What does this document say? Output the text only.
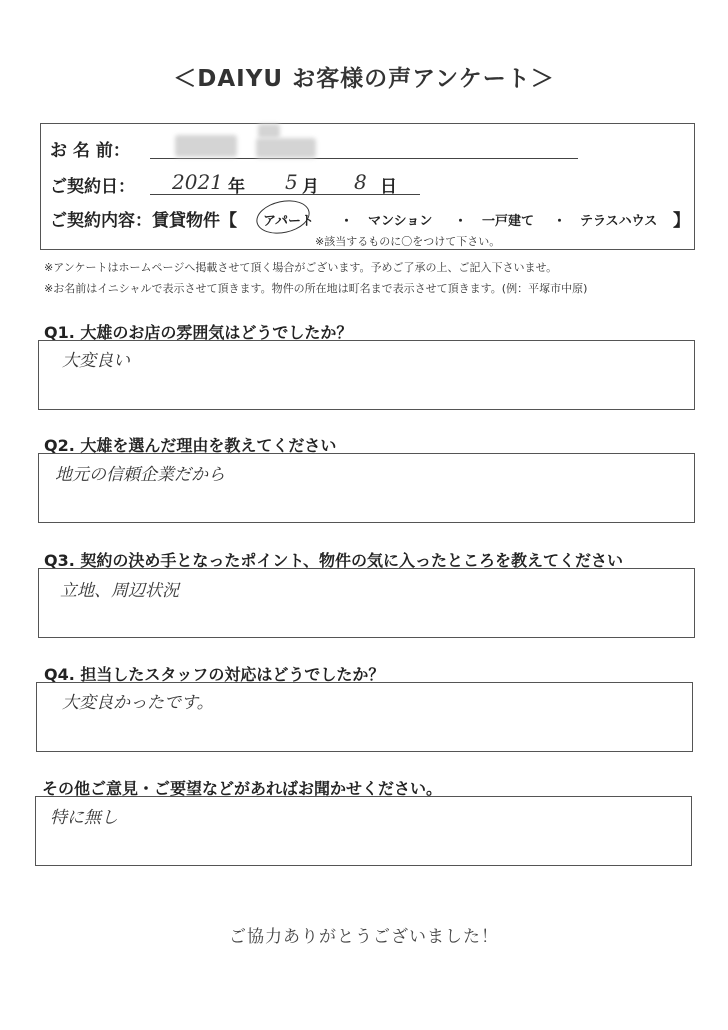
＜DAIYU お客様の声アンケート＞
お 名 前：
ご契約日： 2021 年 5 月 8 日
ご契約内容：賃貸物件【 アパート ・ マンション ・ 一戸建て ・ テラスハウス 】
※該当するものに〇をつけて下さい。
※アンケートはホームページへ掲載させて頂く場合がございます。予めご了承の上、ご記入下さいませ。
※お名前はイニシャルで表示させて頂きます。物件の所在地は町名まで表示させて頂きます。(例：平塚市中原)
Q1. 大雄のお店の雰囲気はどうでしたか？
大変良い
Q2. 大雄を選んだ理由を教えてください
地元の信頼企業だから
Q3. 契約の決め手となったポイント、物件の気に入ったところを教えてください
立地、周辺状況
Q4. 担当したスタッフの対応はどうでしたか？
大変良かったです。
その他ご意見・ご要望などがあればお聞かせください。
特に無し
ご協力ありがとうございました！
